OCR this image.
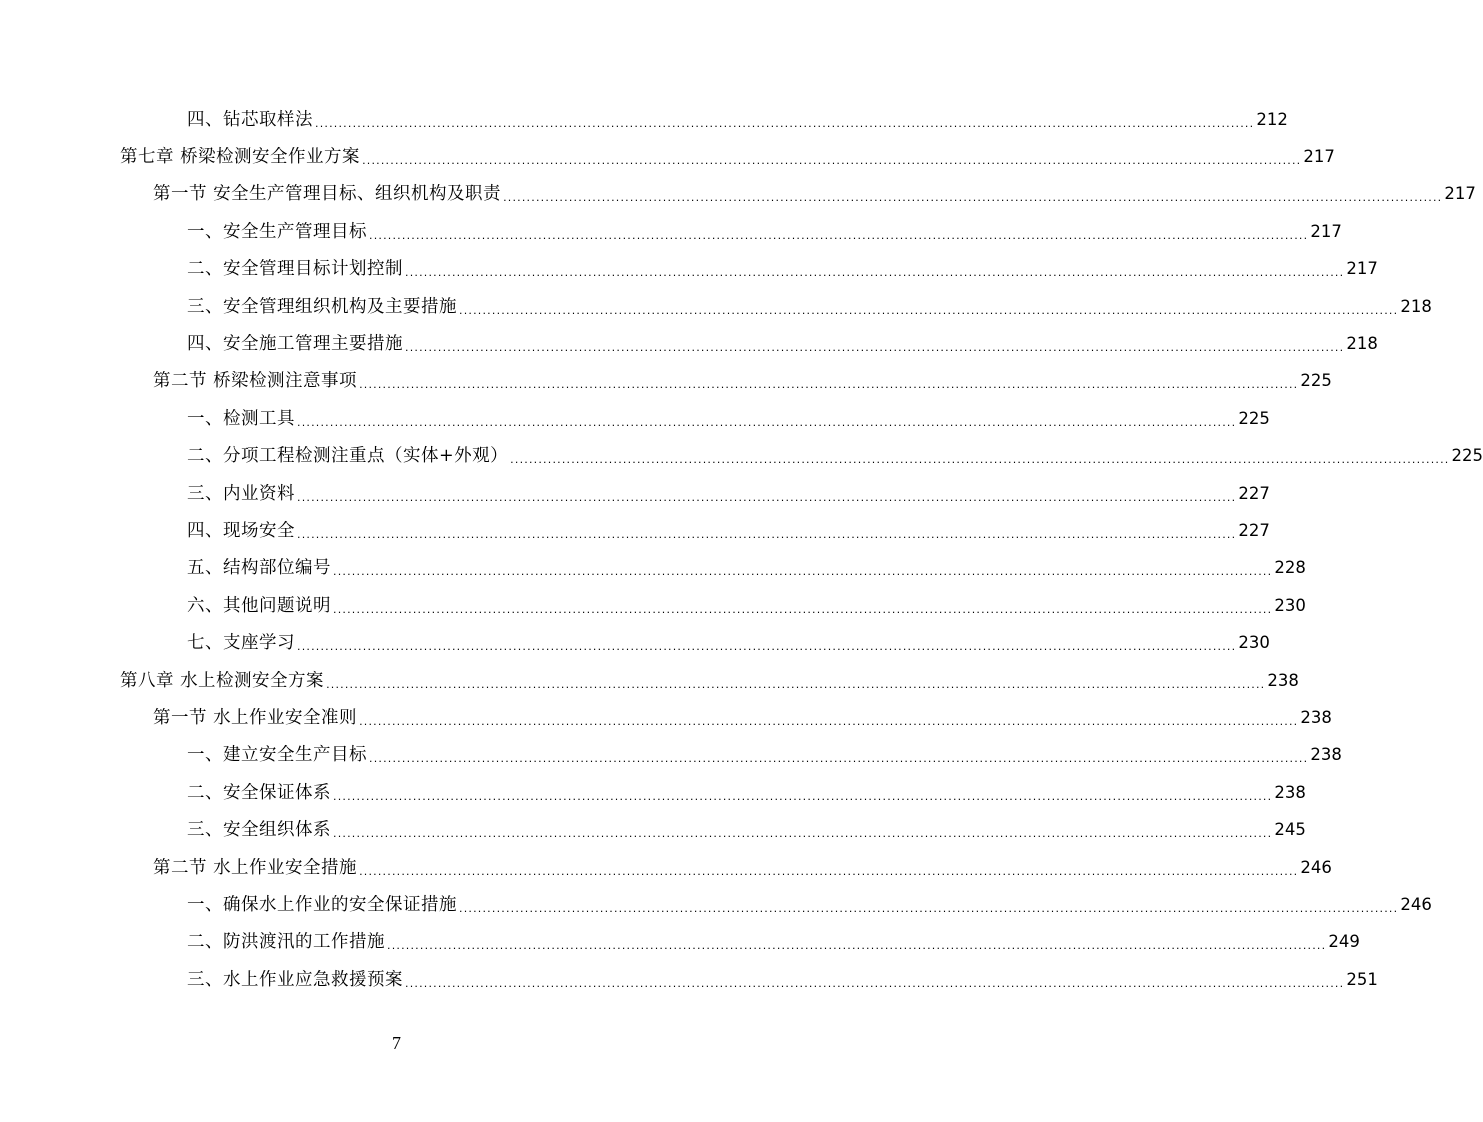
四、钻芯取样法 ........................................................................................................................................................................................................ 212
第七章 桥梁检测安全作业方案 ........................................................................................................................................................................................................ 217
第一节 安全生产管理目标、组织机构及职责 ........................................................................................................................................................................................................ 217
一、安全生产管理目标 ........................................................................................................................................................................................................ 217
二、安全管理目标计划控制 ........................................................................................................................................................................................................ 217
三、安全管理组织机构及主要措施 ........................................................................................................................................................................................................ 218
四、安全施工管理主要措施 ........................................................................................................................................................................................................ 218
第二节 桥梁检测注意事项 ........................................................................................................................................................................................................ 225
一、检测工具 ........................................................................................................................................................................................................ 225
二、分项工程检测注重点（实体+外观） ........................................................................................................................................................................................................ 225
三、内业资料 ........................................................................................................................................................................................................ 227
四、现场安全 ........................................................................................................................................................................................................ 227
五、结构部位编号 ........................................................................................................................................................................................................ 228
六、其他问题说明 ........................................................................................................................................................................................................ 230
七、支座学习 ........................................................................................................................................................................................................ 230
第八章 水上检测安全方案 ........................................................................................................................................................................................................ 238
第一节 水上作业安全准则 ........................................................................................................................................................................................................ 238
一、建立安全生产目标 ........................................................................................................................................................................................................ 238
二、安全保证体系 ........................................................................................................................................................................................................ 238
三、安全组织体系 ........................................................................................................................................................................................................ 245
第二节 水上作业安全措施 ........................................................................................................................................................................................................ 246
一、确保水上作业的安全保证措施 ........................................................................................................................................................................................................ 246
二、防洪渡汛的工作措施 ........................................................................................................................................................................................................ 249
三、水上作业应急救援预案 ........................................................................................................................................................................................................ 251
7
